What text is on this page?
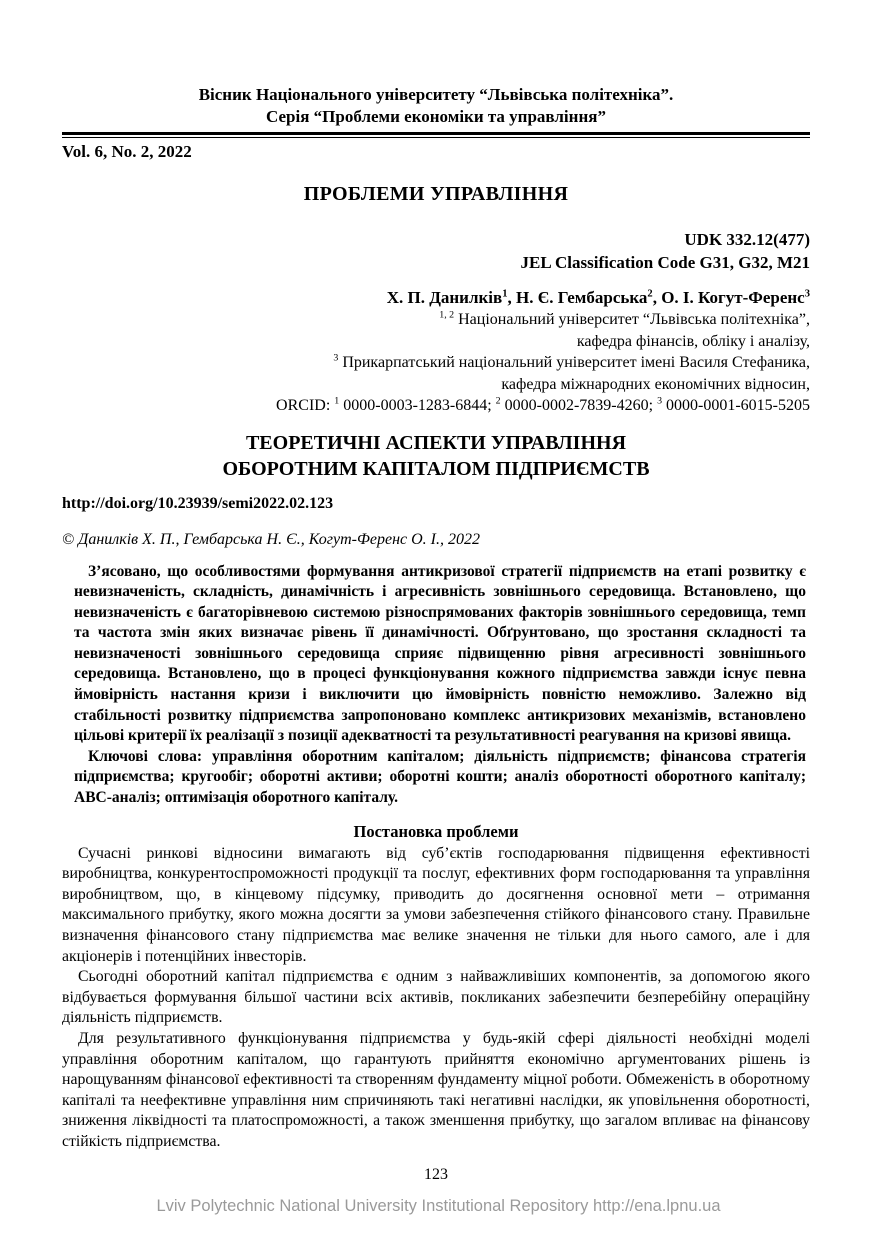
Вісник Національного університету “Львівська політехніка”.
Серія “Проблеми економіки та управління”
Vol. 6, No. 2, 2022
ПРОБЛЕМИ УПРАВЛІННЯ
UDK 332.12(477)
JEL Classification Code G31, G32, M21
Х. П. Данилків$^1$, Н. Є. Гембарська$^2$, О. І. Когут-Ференс$^3$
$^{1, 2}$ Національний університет “Львівська політехніка”,
кафедра фінансів, обліку і аналізу,
$^3$ Прикарпатський національний університет імені Василя Стефаника,
кафедра міжнародних економічних відносин,
ORCID: $^1$ 0000-0003-1283-6844; $^2$ 0000-0002-7839-4260; $^3$ 0000-0001-6015-5205
ТЕОРЕТИЧНІ АСПЕКТИ УПРАВЛІННЯ
ОБОРОТНИМ КАПІТАЛОМ ПІДПРИЄМСТВ
http://doi.org/10.23939/semi2022.02.123
© Данилків Х. П., Гембарська Н. Є., Когут-Ференс О. І., 2022

З’ясовано, що особливостями формування антикризової стратегії підприємств на етапі розвитку є невизначеність, складність, динамічність і агресивність зовнішнього середовища. Встановлено, що невизначеність є багаторівневою системою різноспрямованих факторів зовнішнього середовища, темп та частота змін яких визначає рівень її динамічності. Обґрунтовано, що зростання складності та невизначеності зовнішнього середовища сприяє підвищенню рівня агресивності зовнішнього середовища. Встановлено, що в процесі функціонування кожного підприємства завжди існує певна ймовірність настання кризи і виключити цю ймовірність повністю неможливо. Залежно від стабільності розвитку підприємства запропоновано комплекс антикризових механізмів, встановлено цільові критерії їх реалізації з позиції адекватності та результативності реагування на кризові явища.

Ключові слова: управління оборотним капіталом; діяльність підприємств; фінансова стратегія підприємства; кругообіг; оборотні активи; оборотні кошти; аналіз оборотності оборотного капіталу; АВС-аналіз; оптимізація оборотного капіталу.

Постановка проблеми

Сучасні ринкові відносини вимагають від суб’єктів господарювання підвищення ефективності виробництва, конкурентоспроможності продукції та послуг, ефективних форм господарювання та управління виробництвом, що, в кінцевому підсумку, приводить до досягнення основної мети – отримання максимального прибутку, якого можна досягти за умови забезпечення стійкого фінансового стану. Правильне визначення фінансового стану підприємства має велике значення не тільки для нього самого, але і для акціонерів і потенційних інвесторів.

Сьогодні оборотний капітал підприємства є одним з найважливіших компонентів, за допомогою якого відбувається формування більшої частини всіх активів, покликаних забезпечити безперебійну операційну діяльність підприємств.

Для результативного функціонування підприємства у будь-якій сфері діяльності необхідні моделі управління оборотним капіталом, що гарантують прийняття економічно аргументованих рішень із нарощуванням фінансової ефективності та створенням фундаменту міцної роботи. Обмеженість в оборотному капіталі та неефективне управління ним спричиняють такі негативні наслідки, як уповільнення оборотності, зниження ліквідності та платоспроможності, а також зменшення прибутку, що загалом впливає на фінансову стійкість підприємства.

123
Lviv Polytechnic National University Institutional Repository http://ena.lpnu.ua
